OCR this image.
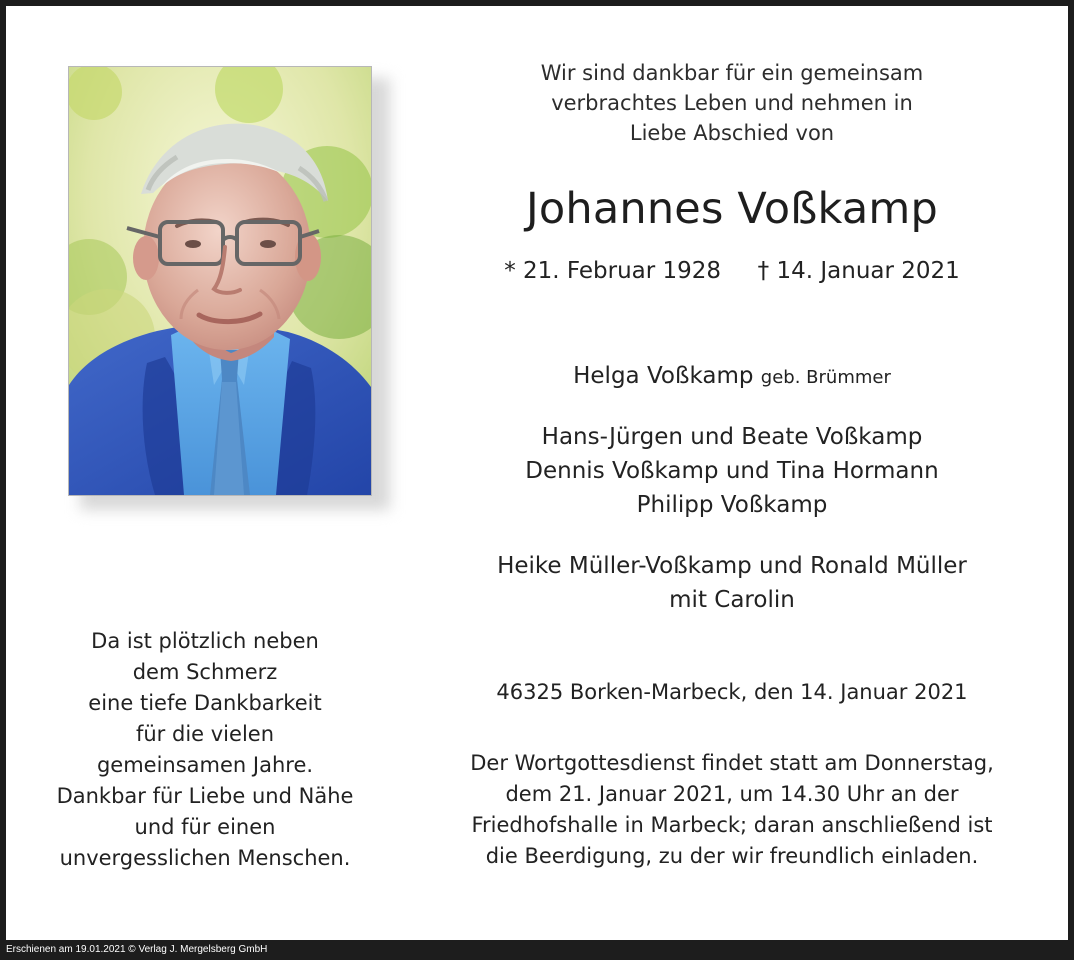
Wir sind dankbar für ein gemeinsam
verbrachtes Leben und nehmen in
Liebe Abschied von
Johannes Voßkamp
* 21. Februar 1928 † 14. Januar 2021
Helga Voßkamp geb. Brümmer
Hans-Jürgen und Beate Voßkamp
Dennis Voßkamp und Tina Hormann
Philipp Voßkamp
Heike Müller-Voßkamp und Ronald Müller
mit Carolin
46325 Borken-Marbeck, den 14. Januar 2021
Der Wortgottesdienst findet statt am Donnerstag,
dem 21. Januar 2021, um 14.30 Uhr an der
Friedhofshalle in Marbeck; daran anschließend ist
die Beerdigung, zu der wir freundlich einladen.
Da ist plötzlich neben
dem Schmerz
eine tiefe Dankbarkeit
für die vielen
gemeinsamen Jahre.
Dankbar für Liebe und Nähe
und für einen
unvergesslichen Menschen.
Erschienen am 19.01.2021 © Verlag J. Mergelsberg GmbH
